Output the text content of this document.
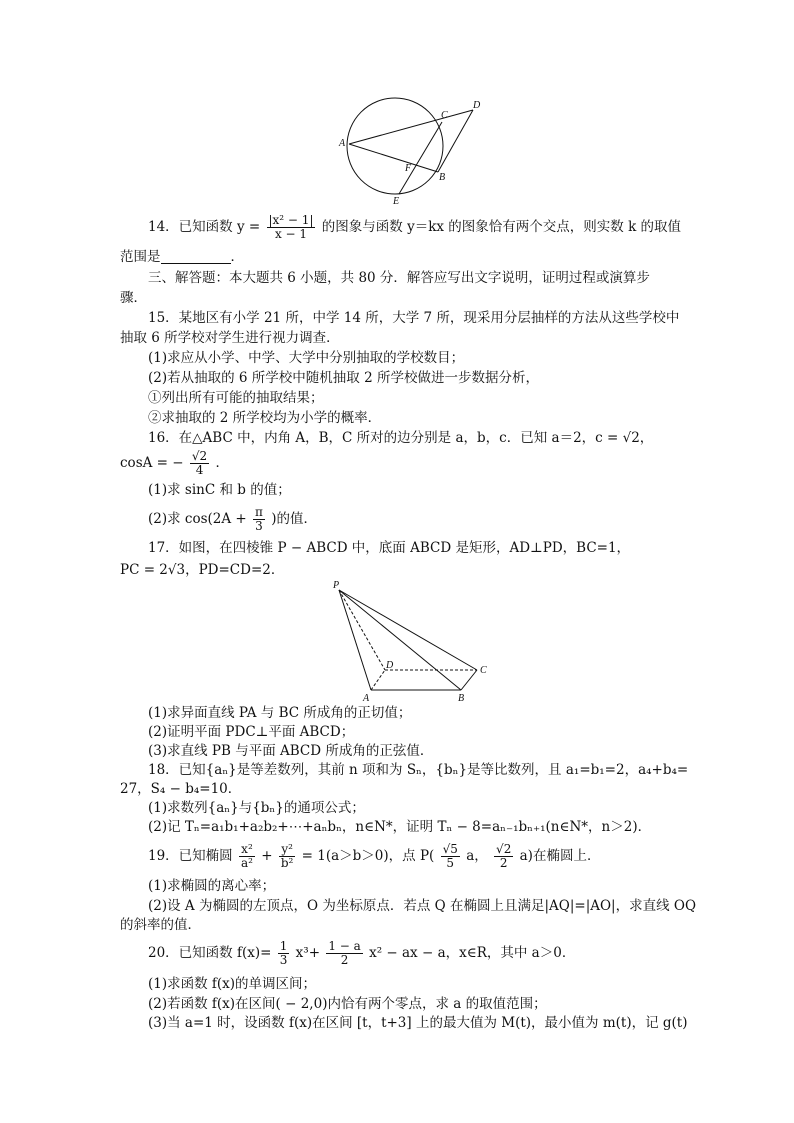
A
C
D
F
B
E
14．已知函数 $y = \frac{\text{|x² − 1|}}{x - 1}$ 的图象与函数 y＝kx 的图象恰有两个交点，则实数 k 的取值
范围是	．
三、解答题：本大题共 6 小题，共 80 分．解答应写出文字说明，证明过程或演算步
骤．
15．某地区有小学 21 所，中学 14 所，大学 7 所，现采用分层抽样的方法从这些学校中
抽取 6 所学校对学生进行视力调查．
(1)求应从小学、中学、大学中分别抽取的学校数目；
(2)若从抽取的 6 所学校中随机抽取 2 所学校做进一步数据分析，
①列出所有可能的抽取结果；
②求抽取的 2 所学校均为小学的概率．
16．在△ABC 中，内角 A，B，C 所对的边分别是 a，b，c．已知 a＝2，c = √2，
cosA = − $\frac{√2}{4}$ ．
(1)求 sinC 和 b 的值；
(2)求 $\cos(2A + \frac{\pi}{3}$ )的值．
17．如图，在四棱锥 P − ABCD 中，底面 ABCD 是矩形，AD⊥PD，BC=1，
PC = 2√3，PD=CD=2．
P
D	C
A	B
(1)求异面直线 PA 与 BC 所成角的正切值；
(2)证明平面 PDC⊥平面 ABCD；
(3)求直线 PB 与平面 ABCD 所成角的正弦值．
18．已知{aₙ}是等差数列，其前 n 项和为 Sₙ，{bₙ}是等比数列，且 a₁=b₁=2，a₄+b₄=
27，S₄ − b₄=10．
(1)求数列{aₙ}与{bₙ}的通项公式；
(2)记 Tₙ=a₁b₁+a₂b₂+⋯+aₙbₙ，n∈N*，证明 Tₙ − 8=aₙ₋₁bₙ₊₁(n∈N*，n＞2)．
19．已知椭圆 $\frac{\text{x²}}{\text{a²}} + \frac{\text{y²}}{\text{b²}} = 1(a>b>0)$，点 $P( \frac{√5}{5}$ a， $\frac{√2}{2} a$)在椭圆上．
(1)求椭圆的离心率；
(2)设 A 为椭圆的左顶点，O 为坐标原点．若点 Q 在椭圆上且满足|AQ|=|AO|，求直线 OQ
的斜率的值．
20．已知函数 $f(x)= \frac{1}{3} x^3+ \frac{1 - a}{2} x^2$ − ax − a，x∈R，其中 a＞0．
(1)求函数 f(x)的单调区间；
(2)若函数 f(x)在区间( − 2,0)内恰有两个零点，求 a 的取值范围；
(3)当 a=1 时，设函数 f(x)在区间 [t，t+3] 上的最大值为 M(t)，最小值为 m(t)，记 g(t)
